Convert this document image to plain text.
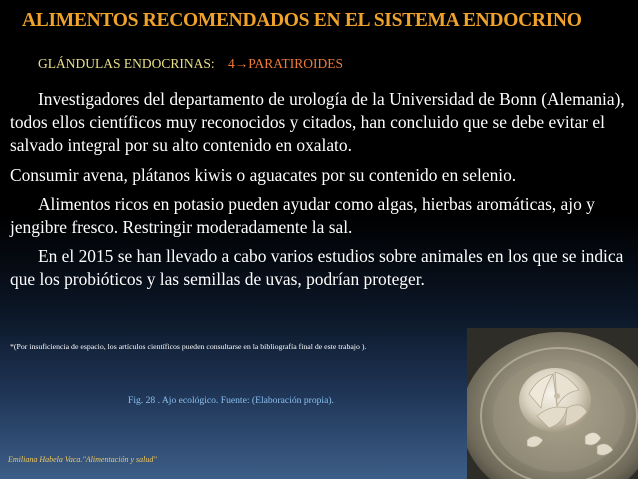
ALIMENTOS RECOMENDADOS EN EL SISTEMA ENDOCRINO
GLÁNDULAS ENDOCRINAS: 4→PARATIROIDES

Investigadores del departamento de urología de la Universidad de Bonn (Alemania), todos ellos científicos muy reconocidos y citados, han concluido que se debe evitar el salvado integral por su alto contenido en oxalato.

Consumir avena, plátanos kiwis o aguacates por su contenido en selenio.

Alimentos ricos en potasio pueden ayudar como algas, hierbas aromáticas, ajo y jengibre fresco. Restringir moderadamente la sal.

En el 2015 se han llevado a cabo varios estudios sobre animales en los que se indica que los probióticos y las semillas de uvas, podrían proteger.

*(Por insuficiencia de espacio, los artículos científicos pueden consultarse en la bibliografía final de este trabajo ).
Fig. 28 . Ajo ecológico. Fuente: (Elaboración propia).
Emiliana Habela Vaca."Alimentación y salud"
